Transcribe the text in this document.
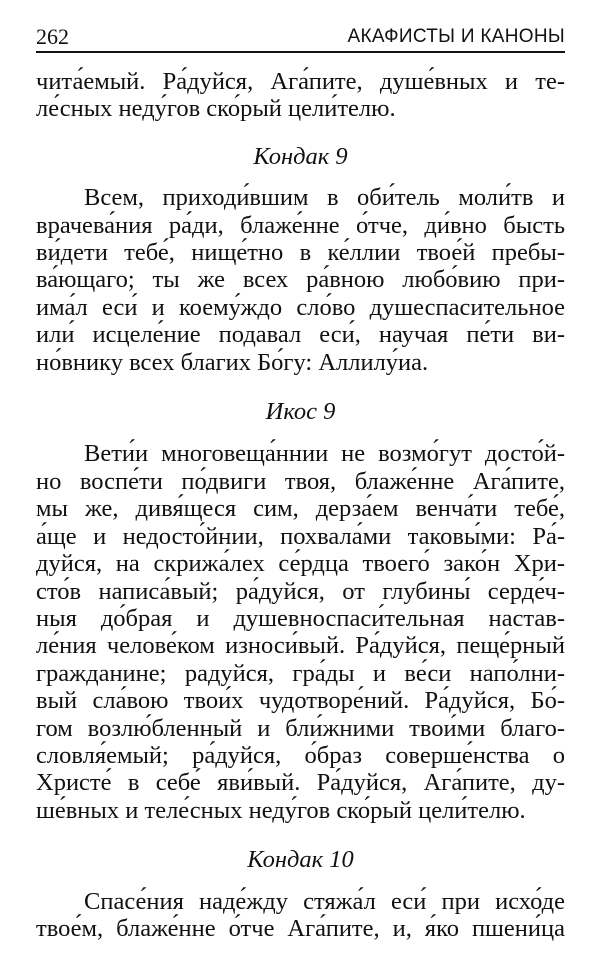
262	АКАФИСТЫ И КАНОНЫ
чита́емый. Ра́дуйся, Ага́пите, душе́вных и те-
ле́сных неду́гов ско́рый цели́телю.

Кондак 9

Всем, приходи́вшим в оби́тель моли́тв и
врачева́ния ра́ди, блаже́нне о́тче, ди́вно бысть
ви́дети тебе́, нище́тно в ке́ллии твое́й пребы-
ва́ющаго; ты же всех ра́вною любо́вию при-
има́л еси́ и коему́ждо сло́во душеспасительное
или́ исцеле́ние подавал еси́, научая пе́ти ви-
но́внику всех благих Бо́гу: Аллилу́иа.

Икос 9

Вети́и многовеща́ннии не возмо́гут досто́й-
но воспе́ти по́двиги твоя, блаже́нне Ага́пите,
мы же, дивя́щеся сим, дерза́ем венча́ти тебе́,
а́ще и недосто́йнии, похвала́ми таковы́ми: Ра́-
дуйся, на скрижа́лех се́рдца твоего́ зако́н Хри-
сто́в написа́вый; ра́дуйся, от глубины́ серде́ч-
ныя до́брая и душевноспаси́тельная настав-
ле́ния челове́ком износи́вый. Ра́дуйся, пеще́рный
гражданине; радуйся, гра́ды и ве́си напо́лни-
вый сла́вою твои́х чудотворе́ний. Ра́дуйся, Бо́-
гом возлю́бленный и бли́жними твои́ми благо-
словля́емый; ра́дуйся, о́браз соверше́нства о
Христе́ в себе́ яви́вый. Ра́дуйся, Ага́пите, ду-
ше́вных и теле́сных неду́гов ско́рый цели́телю.

Кондак 10

Спасе́ния наде́жду стяжа́л еси́ при исхо́де
твое́м, блаже́нне о́тче Ага́пите, и, я́ко пшени́ца
